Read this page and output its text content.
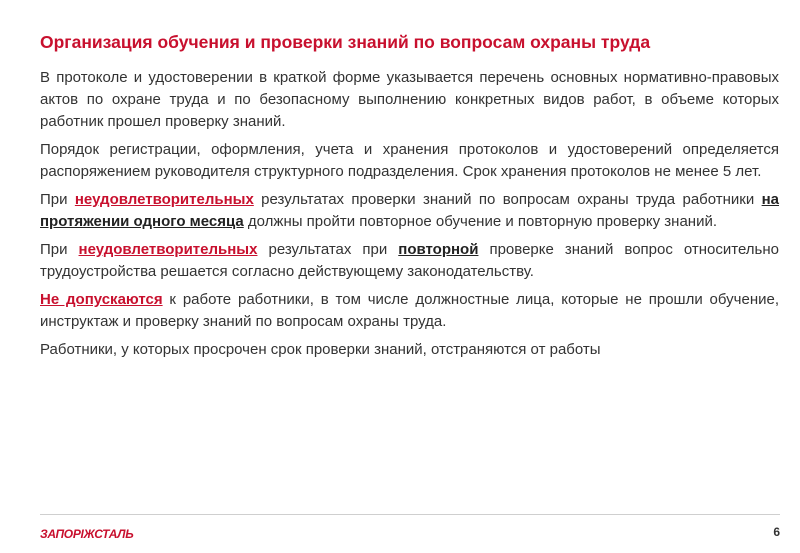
Организация обучения и проверки знаний по вопросам охраны труда

В протоколе и удостоверении в краткой форме указывается перечень основных нормативно-правовых актов по охране труда и по безопасному выполнению конкретных видов работ, в объеме которых работник прошел проверку знаний.

Порядок регистрации, оформления, учета и хранения протоколов и удостоверений определяется распоряжением руководителя структурного подразделения. Срок хранения протоколов не менее 5 лет.

При неудовлетворительных результатах проверки знаний по вопросам охраны труда работники на протяжении одного месяца должны пройти повторное обучение и повторную проверку знаний.

При неудовлетворительных результатах при повторной проверке знаний вопрос относительно трудоустройства решается согласно действующему законодательству.

Не допускаются к работе работники, в том числе должностные лица, которые не прошли обучение, инструктаж и проверку знаний по вопросам охраны труда.

Работники, у которых просрочен срок проверки знаний, отстраняются от работы

ЗАПОРІЖСТАЛЬ	6
